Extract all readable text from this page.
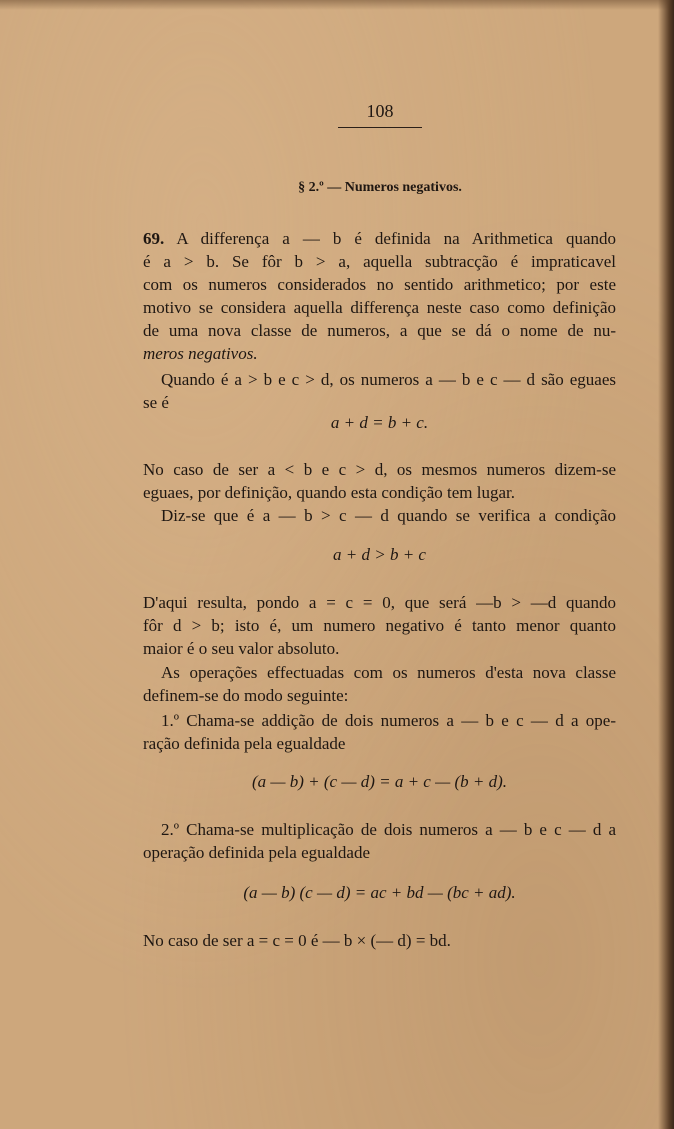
108
§ 2.º — Numeros negativos.
69. A differença a — b é definida na Arithmetica quando
é a > b. Se fôr b > a, aquella subtracção é impraticavel
com os numeros considerados no sentido arithmetico; por este
motivo se considera aquella differença neste caso como definição
de uma nova classe de numeros, a que se dá o nome de nu-
meros negativos.
Quando é a > b e c > d, os numeros a — b e c — d são eguaes
se é
a + d = b + c.
No caso de ser a < b e c > d, os mesmos numeros dizem-se
eguaes, por definição, quando esta condição tem lugar.
Diz-se que é a — b > c — d quando se verifica a condição
a + d > b + c
D'aqui resulta, pondo a = c = 0, que será —b > —d quando
fôr d > b; isto é, um numero negativo é tanto menor quanto
maior é o seu valor absoluto.
As operações effectuadas com os numeros d'esta nova classe
definem-se do modo seguinte:
1.º Chama-se addição de dois numeros a — b e c — d a ope-
ração definida pela egualdade
(a — b) + (c — d) = a + c — (b + d).
2.º Chama-se multiplicação de dois numeros a — b e c — d a
operação definida pela egualdade
(a — b) (c — d) = ac + bd — (bc + ad).
No caso de ser a = c = 0 é — b × (— d) = bd.
